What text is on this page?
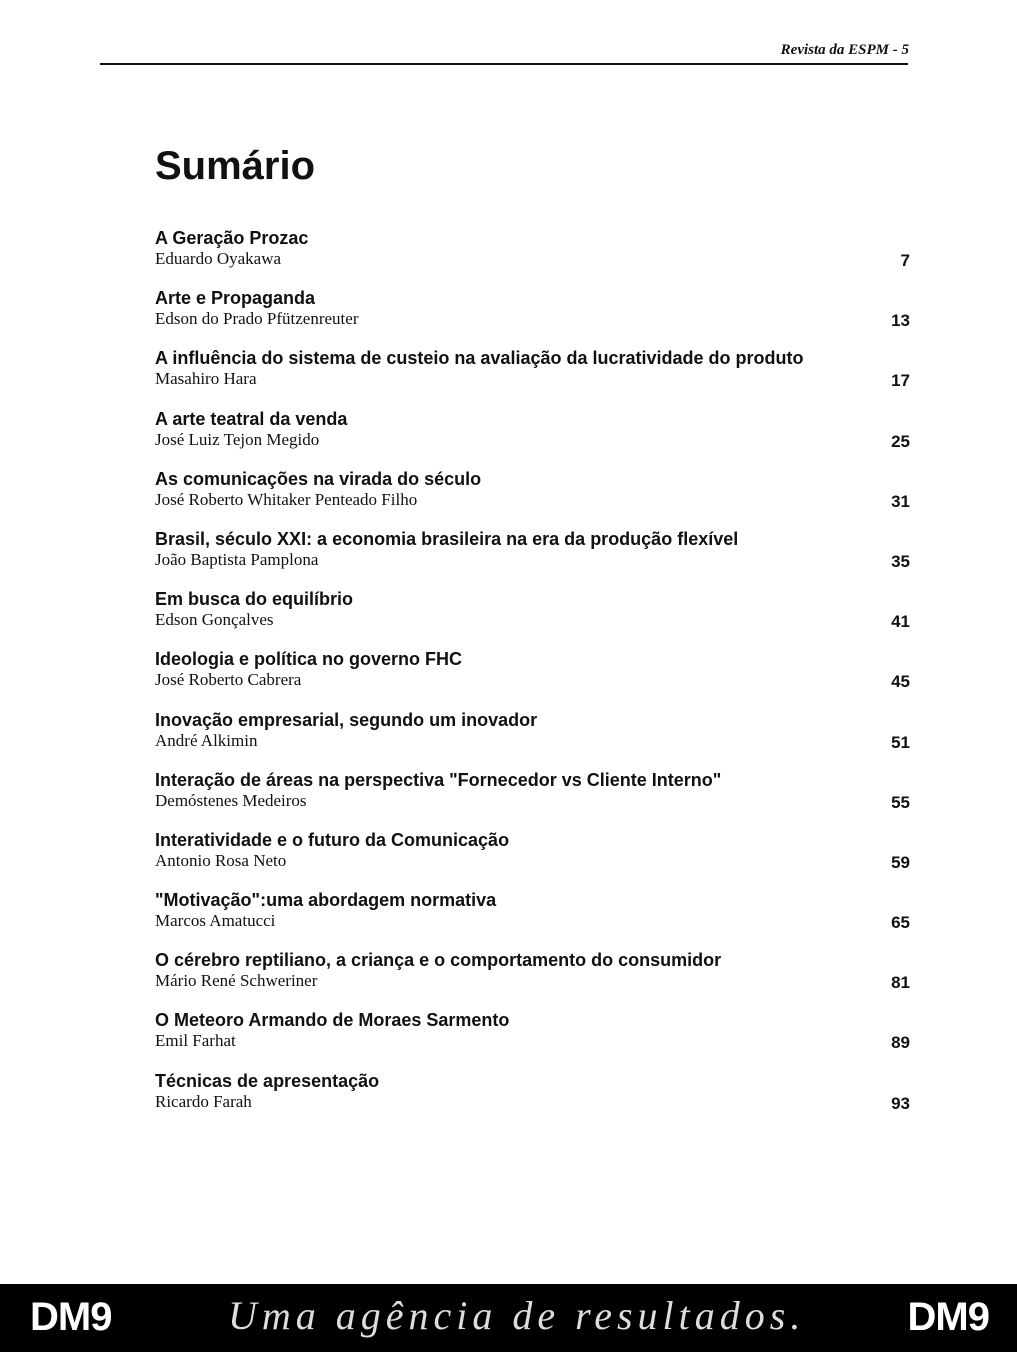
Revista da ESPM - 5
Sumário
A Geração Prozac
Eduardo Oyakawa	7
Arte e Propaganda
Edson do Prado Pfützenreuter	13
A influência do sistema de custeio na avaliação da lucratividade do produto
Masahiro Hara	17
A arte teatral da venda
José Luiz Tejon Megido	25
As comunicações na virada do século
José Roberto Whitaker Penteado Filho	31
Brasil, século XXI: a economia brasileira na era da produção flexível
João Baptista Pamplona	35
Em busca do equilíbrio
Edson Gonçalves	41
Ideologia e política no governo FHC
José Roberto Cabrera	45
Inovação empresarial, segundo um inovador
André Alkimin	51
Interação de áreas na perspectiva "Fornecedor vs Cliente Interno"
Demóstenes Medeiros	55
Interatividade e o futuro da Comunicação
Antonio Rosa Neto	59
"Motivação":uma abordagem normativa
Marcos Amatucci	65
O cérebro reptiliano, a criança e o comportamento do consumidor
Mário René Schweriner	81
O Meteoro Armando de Moraes Sarmento
Emil Farhat	89
Técnicas de apresentação
Ricardo Farah	93
DM9	Uma agência de resultados.	DM9
